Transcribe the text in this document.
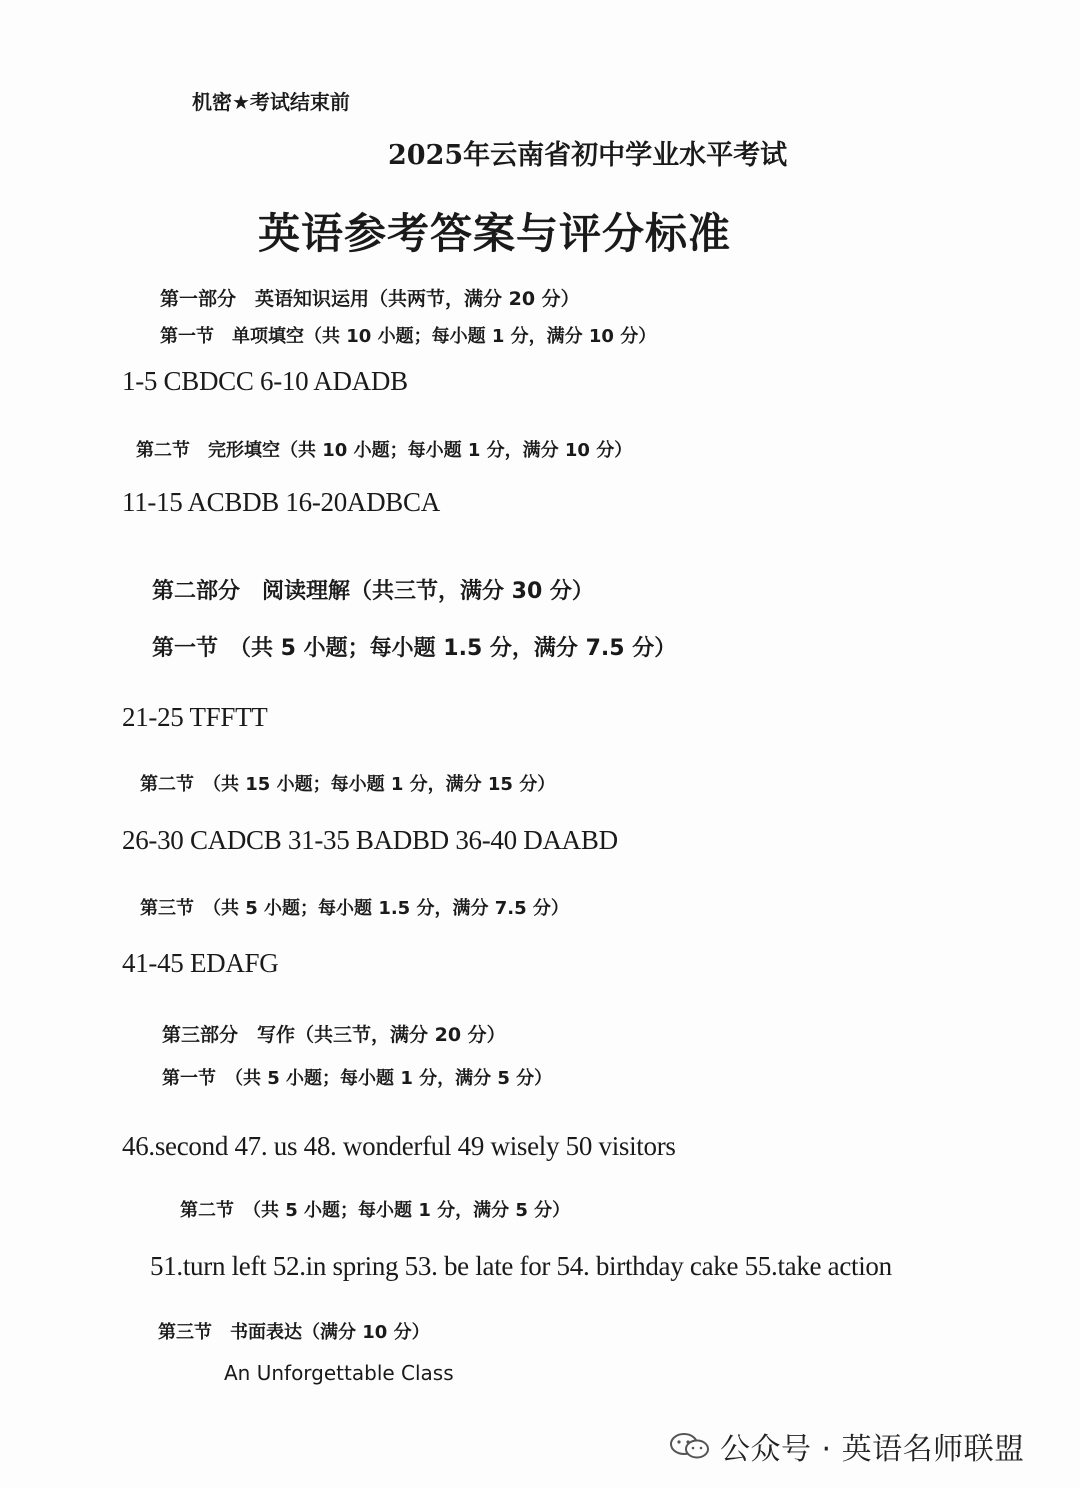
机密★考试结束前

2025年云南省初中学业水平考试

英语参考答案与评分标准

第一部分　英语知识运用（共两节，满分 20 分）

第一节　单项填空（共 10 小题；每小题 1 分，满分 10 分）

1-5 CBDCC 6-10 ADADB

第二节　完形填空（共 10 小题；每小题 1 分，满分 10 分）

11-15 ACBDB 16-20ADBCA

第二部分　阅读理解（共三节，满分 30 分）

第一节　（共 5 小题；每小题 1.5 分，满分 7.5 分）

21-25 TFFTT

第二节　（共 15 小题；每小题 1 分，满分 15 分）

26-30 CADCB 31-35 BADBD 36-40 DAABD

第三节　（共 5 小题；每小题 1.5 分，满分 7.5 分）

41-45 EDAFG

第三部分　写作（共三节，满分 20 分）

第一节　（共 5 小题；每小题 1 分，满分 5 分）

46.second 47. us 48. wonderful 49 wisely 50 visitors

第二节　（共 5 小题；每小题 1 分，满分 5 分）

51.turn left 52.in spring 53. be late for 54. birthday cake 55.take action

第三节　书面表达（满分 10 分）

An Unforgettable Class

公众号 · 英语名师联盟
